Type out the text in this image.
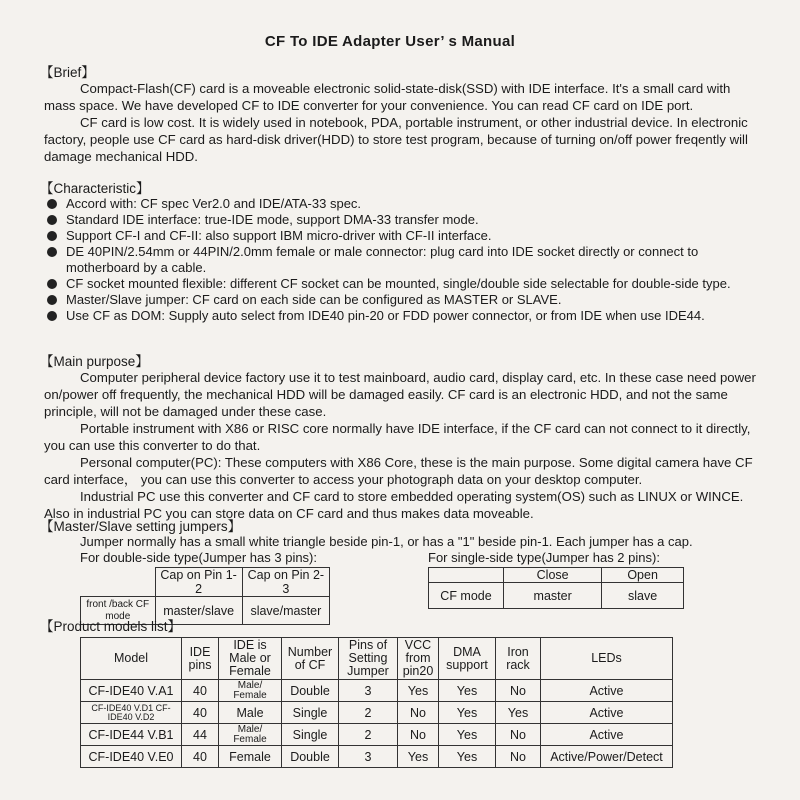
CF To IDE Adapter User’ s Manual
【Brief】

Compact-Flash(CF) card is a moveable electronic solid-state-disk(SSD) with IDE interface. It's a small card with mass space. We have developed CF to IDE converter for your convenience. You can read CF card on IDE port.

CF card is low cost. It is widely used in notebook, PDA, portable instrument, or other industrial device. In electronic factory, people use CF card as hard-disk driver(HDD) to store test program, because of turning on/off power freqently will damage mechanical HDD.

【Characteristic】
Accord with: CF spec Ver2.0 and IDE/ATA-33 spec.
Standard IDE interface: true-IDE mode, support DMA-33 transfer mode.
Support CF-I and CF-II: also support IBM micro-driver with CF-II interface.
DE 40PIN/2.54mm or 44PIN/2.0mm female or male connector: plug card into IDE socket directly or connect to motherboard by a cable.
CF socket mounted flexible: different CF socket can be mounted, single/double side selectable for double-side type.
Master/Slave jumper: CF card on each side can be configured as MASTER or SLAVE.
Use CF as DOM: Supply auto select from IDE40 pin-20 or FDD power connector, or from IDE when use IDE44.
【Main purpose】

Computer peripheral device factory use it to test mainboard, audio card, display card, etc. In these case need power on/power off frequently, the mechanical HDD will be damaged easily. CF card is an electronic HDD, and not the same principle, will not be damaged under these case.

Portable instrument with X86 or RISC core normally have IDE interface, if the CF card can not connect to it directly, you can use this converter to do that.

Personal computer(PC): These computers with X86 Core, these is the main purpose. Some digital camera have CF card interface， you can use this converter to access your photograph data on your desktop computer.

Industrial PC use this converter and CF card to store embedded operating system(OS) such as LINUX or WINCE. Also in industrial PC you can store data on CF card and thus makes data moveable.

【Master/Slave setting jumpers】
Jumper normally has a small white triangle beside pin-1, or has a "1" beside pin-1. Each jumper has a cap.
For double-side type(Jumper has 3 pins):	For single-side type(Jumper has 2 pins):
	Cap on Pin 1-2	Cap on Pin 2-3
front /back CF mode	master/slave	slave/master
	Close	Open
CF mode	master	slave
【Product models list】
Model	IDE pins	IDE is Male or Female	Number of CF	Pins of Setting Jumper	VCC from pin20	DMA support	Iron rack	LEDs
CF-IDE40 V.A1	40	Male/ Female	Double	3	Yes	Yes	No	Active
CF-IDE40 V.D1 CF-IDE40 V.D2	40	Male	Single	2	No	Yes	Yes	Active
CF-IDE44 V.B1	44	Male/ Female	Single	2	No	Yes	No	Active
CF-IDE40 V.E0	40	Female	Double	3	Yes	Yes	No	Active/Power/Detect
